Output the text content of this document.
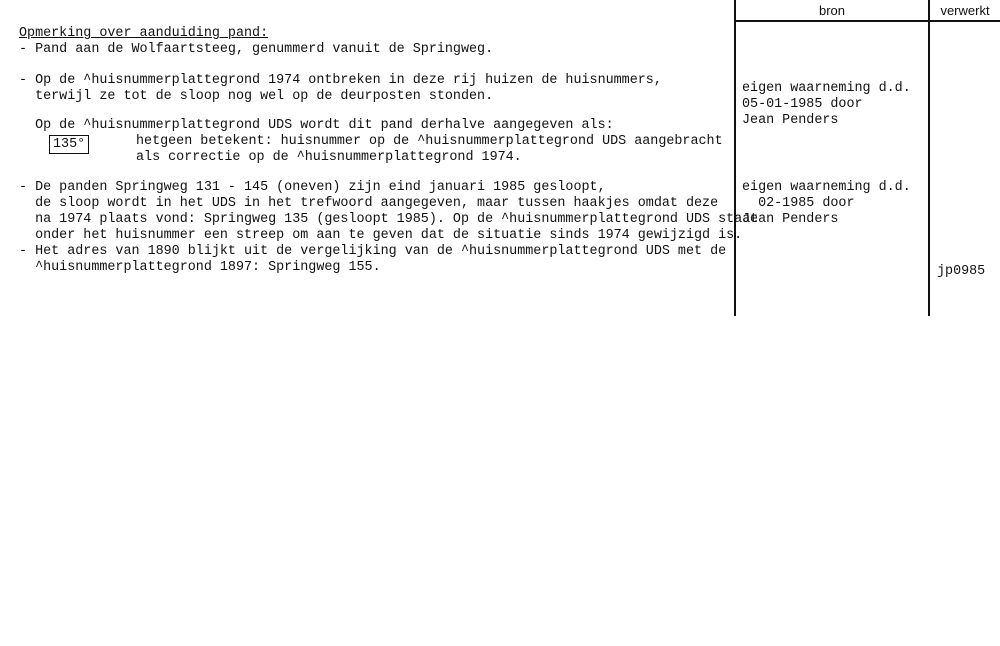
bron	verwerkt
Opmerking over aanduiding pand:
- Pand aan de Wolfaartsteeg, genummerd vanuit de Springweg.
- Op de ^huisnummerplattegrond 1974 ontbreken in deze rij huizen de huisnummers,
terwijl ze tot de sloop nog wel op de deurposten stonden.
Op de ^huisnummerplattegrond UDS wordt dit pand derhalve aangegeven als:
135°	hetgeen betekent: huisnummer op de ^huisnummerplattegrond UDS aangebracht
als correctie op de ^huisnummerplattegrond 1974.
- De panden Springweg 131 - 145 (oneven) zijn eind januari 1985 gesloopt,
de sloop wordt in het UDS in het trefwoord aangegeven, maar tussen haakjes omdat deze
na 1974 plaats vond: Springweg 135 (gesloopt 1985). Op de ^huisnummerplattegrond UDS staat
onder het huisnummer een streep om aan te geven dat de situatie sinds 1974 gewijzigd is.
- Het adres van 1890 blijkt uit de vergelijking van de ^huisnummerplattegrond UDS met de
^huisnummerplattegrond 1897: Springweg 155.
eigen waarneming d.d.
05-01-1985 door
Jean Penders
eigen waarneming d.d.
02-1985 door
Jean Penders
jp0985
